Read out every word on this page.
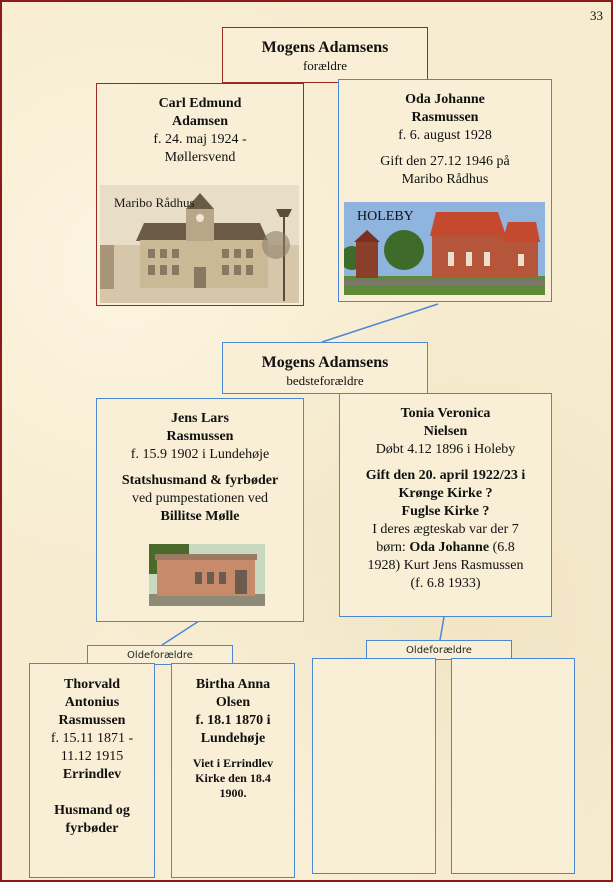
33
Mogens Adamsens
forældre
Carl Edmund
Adamsen
f. 24. maj 1924 -
Møllersvend
Maribo Rådhus
Oda Johanne
Rasmussen
f. 6. august 1928
Gift den 27.12 1946 på
Maribo Rådhus
HOLEBY
Mogens Adamsens
bedsteforældre
Jens Lars
Rasmussen
f. 15.9 1902 i Lundehøje
Statshusmand & fyrbøder
ved pumpestationen ved
Billitse Mølle
Tonia Veronica
Nielsen
Døbt 4.12 1896 i Holeby
Gift den 20. april 1922/23 i
Krønge Kirke ?
Fuglse Kirke ?
I deres ægteskab var der 7
børn: Oda Johanne (6.8
1928) Kurt Jens Rasmussen
(f. 6.8 1933)
Oldeforældre
Thorvald
Antonius
Rasmussen
f. 15.11 1871 -
11.12 1915
Errindlev
Husmand og
fyrbøder
Birtha Anna
Olsen
f. 18.1 1870 i
Lundehøje
Viet i Errindlev
Kirke den 18.4
1900.
Oldeforældre
